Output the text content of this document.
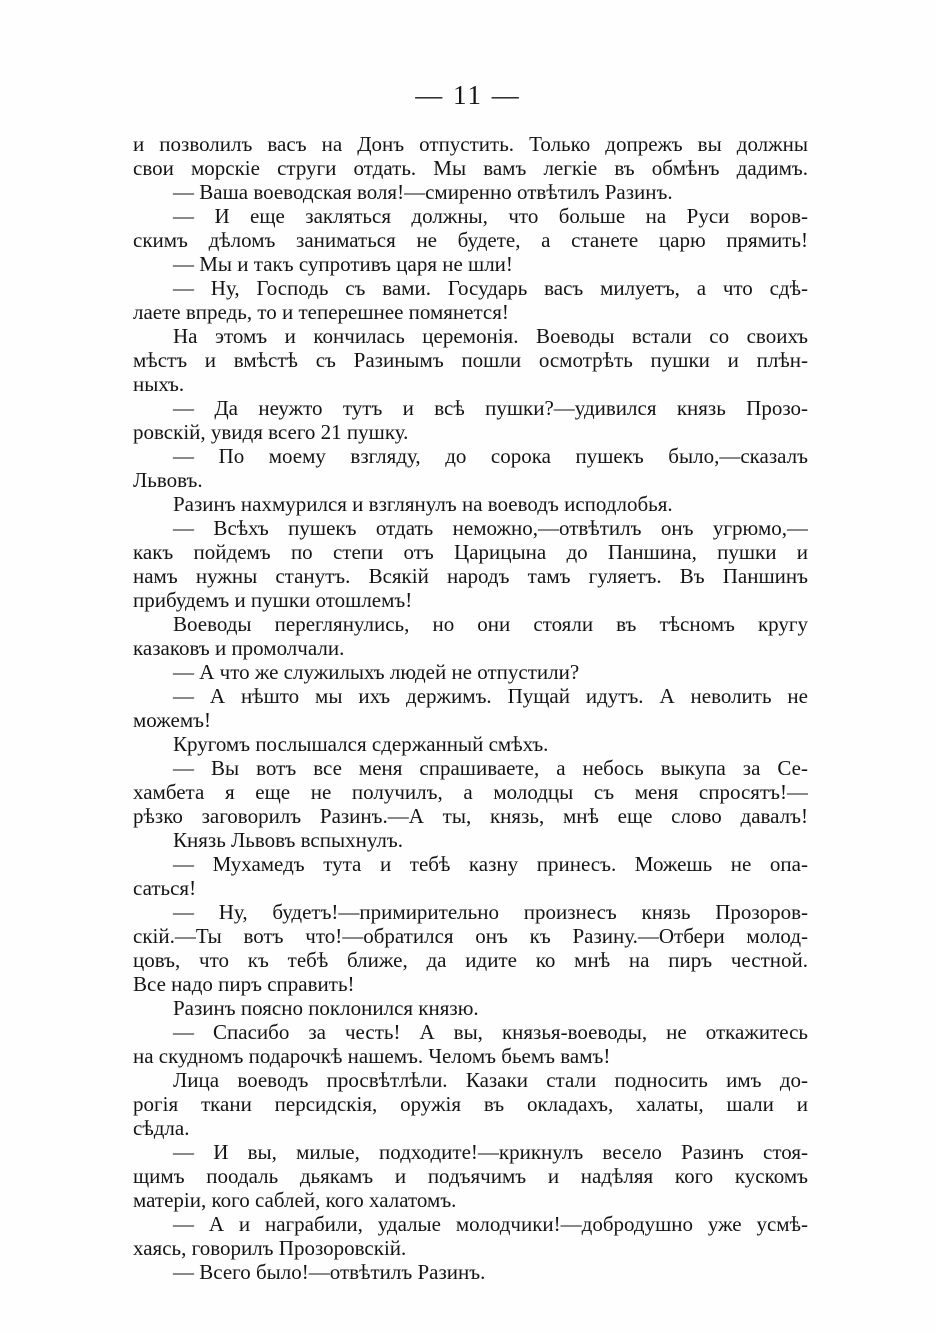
— 11 —
и позволилъ васъ на Донъ отпустить. Только допрежъ вы должны
свои морскiе струги отдать. Мы вамъ легкiе въ обмѣнъ дадимъ.
— Ваша воеводская воля!—смиренно отвѣтилъ Разинъ.
— И еще закляться должны, что больше на Руси воров-
скимъ дѣломъ заниматься не будете, а станете царю прямить!
— Мы и такъ супротивъ царя не шли!
— Ну, Господь съ вами. Государь васъ милуетъ, а что сдѣ-
лаете впредь, то и теперешнее помянется!
На этомъ и кончилась церемонiя. Воеводы встали со своихъ
мѣстъ и вмѣстѣ съ Разинымъ пошли осмотрѣть пушки и плѣн-
ныхъ.
— Да неужто тутъ и всѣ пушки?—удивился князь Прозо-
ровскiй, увидя всего 21 пушку.
— По моему взгляду, до сорока пушекъ было,—сказалъ
Львовъ.
Разинъ нахмурился и взглянулъ на воеводъ исподлобья.
— Всѣхъ пушекъ отдать неможно,—отвѣтилъ онъ угрюмо,—
какъ пойдемъ по степи отъ Царицына до Паншина, пушки и
намъ нужны станутъ. Всякiй народъ тамъ гуляетъ. Въ Паншинъ
прибудемъ и пушки отошлемъ!
Воеводы переглянулись, но они стояли въ тѣсномъ кругу
казаковъ и промолчали.
— А что же служилыхъ людей не отпустили?
— А нѣшто мы ихъ держимъ. Пущай идутъ. А неволить не
можемъ!
Кругомъ послышался сдержанный смѣхъ.
— Вы вотъ все меня спрашиваете, а небось выкупа за Се-
хамбета я еще не получилъ, а молодцы съ меня спросятъ!—
рѣзко заговорилъ Разинъ.—А ты, князь, мнѣ еще слово давалъ!
Князь Львовъ вспыхнулъ.
— Мухамедъ тута и тебѣ казну принесъ. Можешь не опа-
саться!
— Ну, будетъ!—примирительно произнесъ князь Прозоров-
скiй.—Ты вотъ что!—обратился онъ къ Разину.—Отбери молод-
цовъ, что къ тебѣ ближе, да идите ко мнѣ на пиръ честной.
Все надо пиръ справить!
Разинъ поясно поклонился князю.
— Спасибо за честь! А вы, князья-воеводы, не откажитесь
на скудномъ подарочкѣ нашемъ. Челомъ бьемъ вамъ!
Лица воеводъ просвѣтлѣли. Казаки стали подносить имъ до-
рогiя ткани персидскiя, оружiя въ окладахъ, халаты, шали и
сѣдла.
— И вы, милые, подходите!—крикнулъ весело Разинъ стоя-
щимъ поодаль дьякамъ и подъячимъ и надѣляя кого кускомъ
матерiи, кого саблей, кого халатомъ.
— А и награбили, удалые молодчики!—добродушно уже усмѣ-
хаясь, говорилъ Прозоровскiй.
— Всего было!—отвѣтилъ Разинъ.
